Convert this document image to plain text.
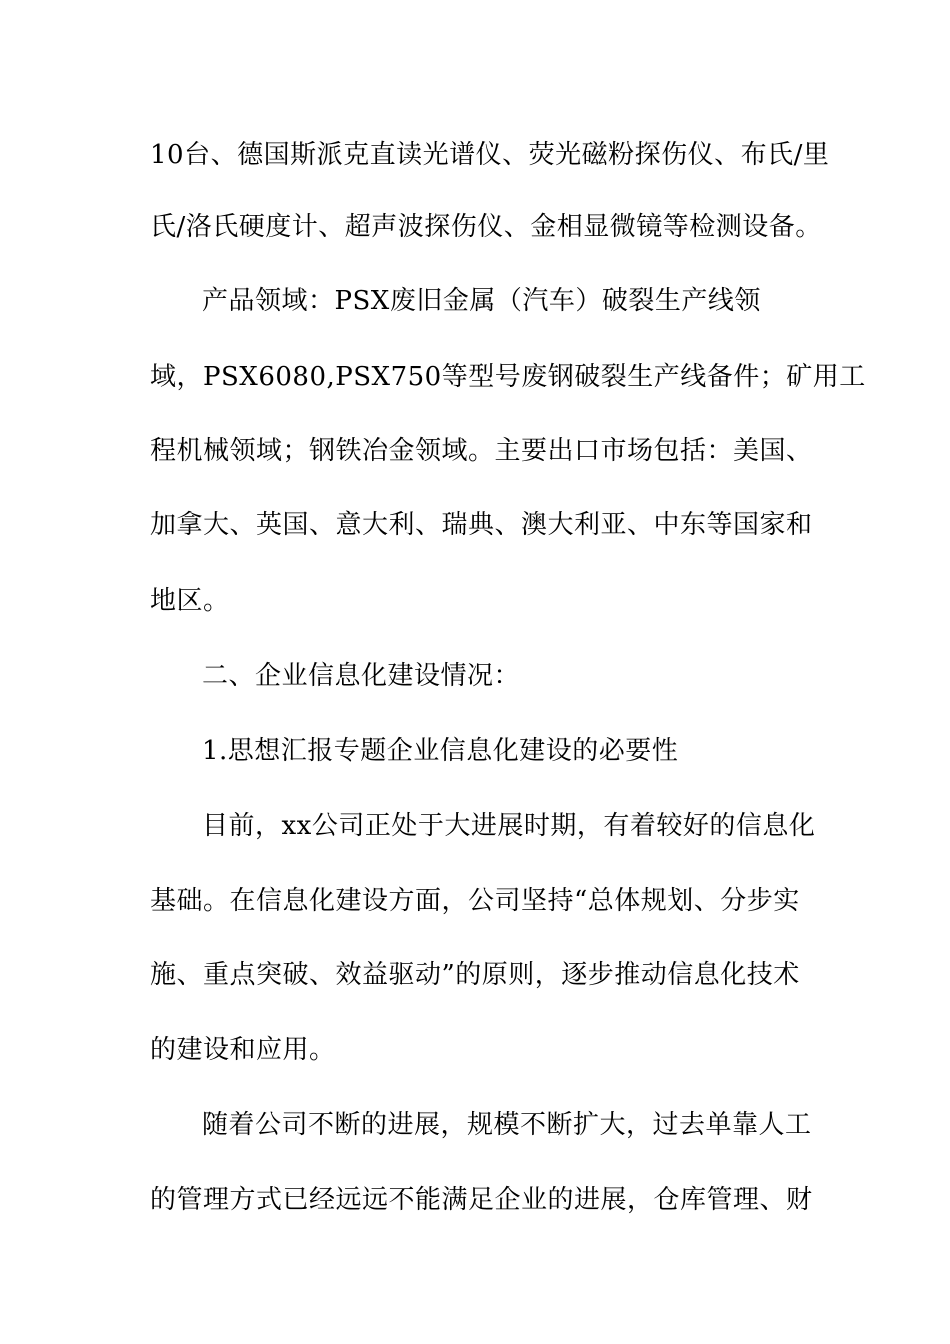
10台、德国斯派克直读光谱仪、荧光磁粉探伤仪、布氏/里
氏/洛氏硬度计、超声波探伤仪、金相显微镜等检测设备。
产品领域：PSX废旧金属（汽车）破裂生产线领
域，PSX6080,PSX750等型号废钢破裂生产线备件；矿用工
程机械领域；钢铁冶金领域。主要出口市场包括：美国、
加拿大、英国、意大利、瑞典、澳大利亚、中东等国家和
地区。
二、企业信息化建设情况：
1.思想汇报专题企业信息化建设的必要性
目前，xx公司正处于大进展时期，有着较好的信息化
基础。在信息化建设方面，公司坚持“总体规划、分步实
施、重点突破、效益驱动”的原则，逐步推动信息化技术
的建设和应用。
随着公司不断的进展，规模不断扩大，过去单靠人工
的管理方式已经远远不能满足企业的进展，仓库管理、财
